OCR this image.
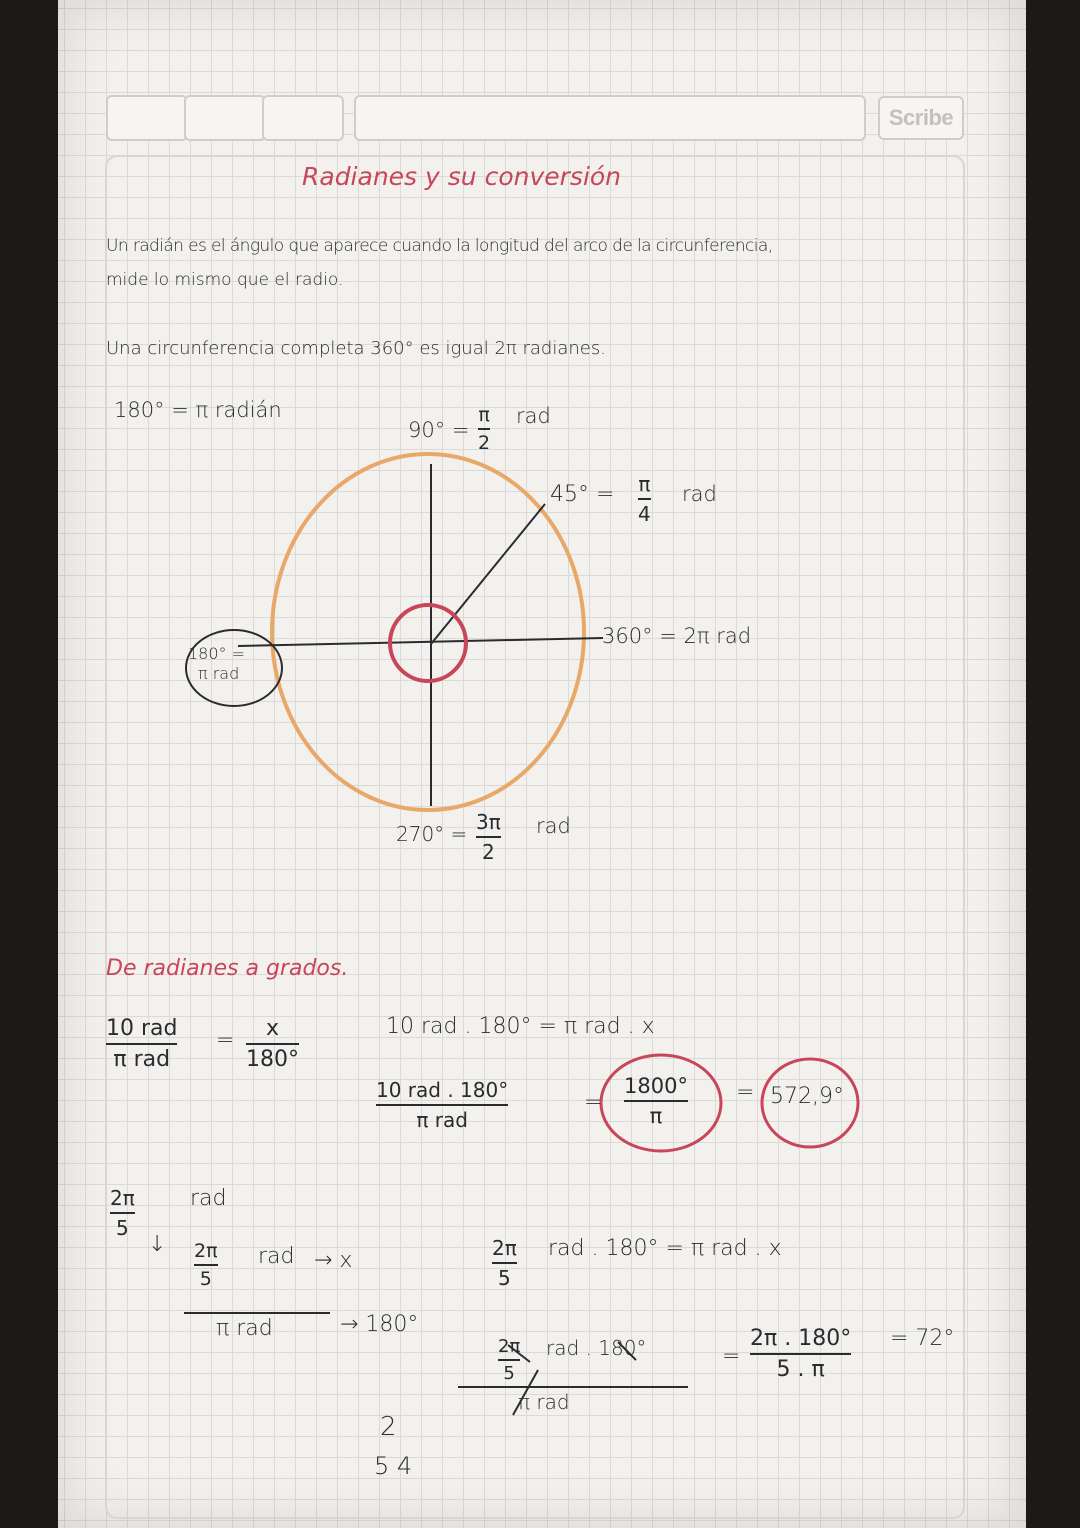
Scribe
Radianes y su conversión
Un radián es el ángulo que aparece cuando la longitud del arco de la circunferencia,
mide lo mismo que el radio.
Una circunferencia completa 360° es igual 2π radianes.
180° = π radián
90° =
π
2
rad
45° = π
4
rad
360° = 2π rad
180° =
π rad
270° = 3π
2
rad
De radianes a grados.
10 rad
π rad
= x
180°
10 rad . 180° = π rad . x
10 rad . 180°
π rad
=
1800°
π
= 572,9°
2π
5
rad
↓ 2π
5
rad → x
π rad	→ 180°
2π
5
rad . 180° = π rad . x
2π
5
rad . 180°
π rad
=
2π . 180°
5 . π
= 72°
2
5 4
